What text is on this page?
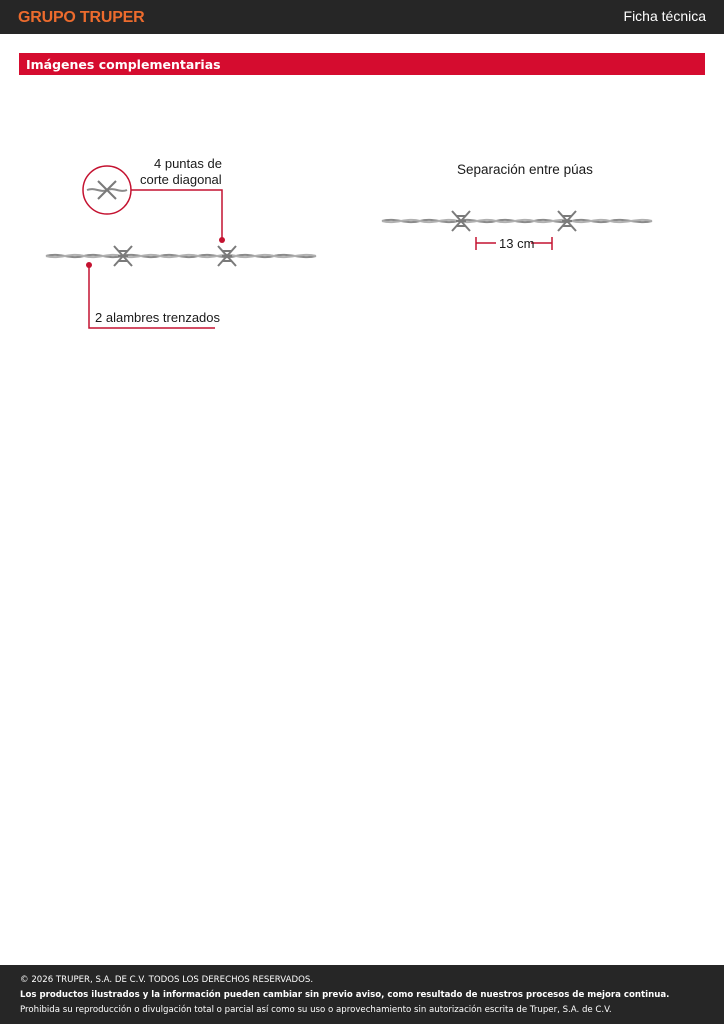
GRUPO TRUPER	Ficha técnica
Imágenes complementarias
4 puntas de
corte diagonal
2 alambres trenzados
Separación entre púas
13 cm
© 2026 TRUPER, S.A. DE C.V. TODOS LOS DERECHOS RESERVADOS.
Los productos ilustrados y la información pueden cambiar sin previo aviso, como resultado de nuestros procesos de mejora continua.
Prohibida su reproducción o divulgación total o parcial así como su uso o aprovechamiento sin autorización escrita de Truper, S.A. de C.V.
